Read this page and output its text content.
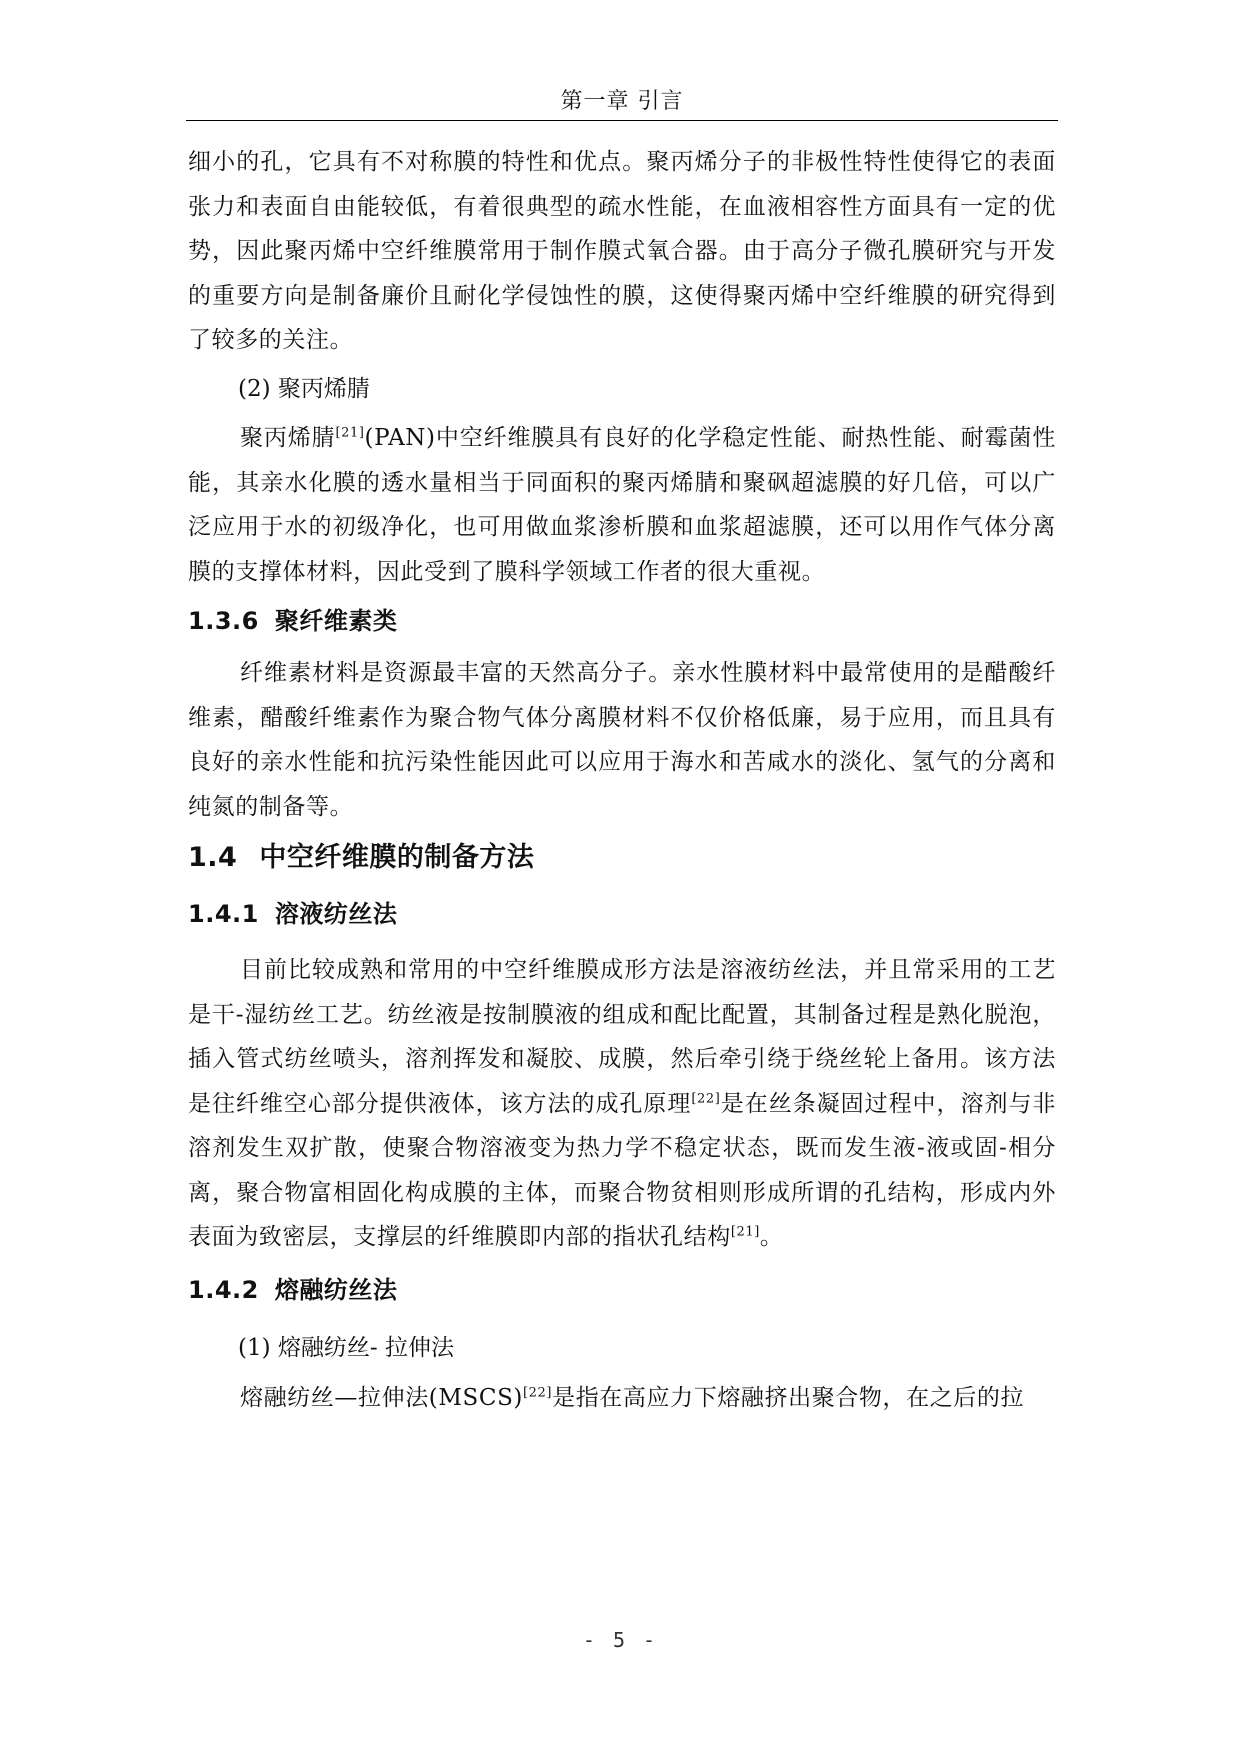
第一章 引言

细小的孔，它具有不对称膜的特性和优点。聚丙烯分子的非极性特性使得它的表面张力和表面自由能较低，有着很典型的疏水性能，在血液相容性方面具有一定的优势，因此聚丙烯中空纤维膜常用于制作膜式氧合器。由于高分子微孔膜研究与开发的重要方向是制备廉价且耐化学侵蚀性的膜，这使得聚丙烯中空纤维膜的研究得到了较多的关注。

(2) 聚丙烯腈

聚丙烯腈[21](PAN)中空纤维膜具有良好的化学稳定性能、耐热性能、耐霉菌性能，其亲水化膜的透水量相当于同面积的聚丙烯腈和聚砜超滤膜的好几倍，可以广泛应用于水的初级净化，也可用做血浆渗析膜和血浆超滤膜，还可以用作气体分离膜的支撑体材料，因此受到了膜科学领域工作者的很大重视。

1.3.6 聚纤维素类

纤维素材料是资源最丰富的天然高分子。亲水性膜材料中最常使用的是醋酸纤维素，醋酸纤维素作为聚合物气体分离膜材料不仅价格低廉，易于应用，而且具有良好的亲水性能和抗污染性能因此可以应用于海水和苦咸水的淡化、氢气的分离和纯氮的制备等。

1.4 中空纤维膜的制备方法
1.4.1 溶液纺丝法

目前比较成熟和常用的中空纤维膜成形方法是溶液纺丝法，并且常采用的工艺是干-湿纺丝工艺。纺丝液是按制膜液的组成和配比配置，其制备过程是熟化脱泡，插入管式纺丝喷头，溶剂挥发和凝胶、成膜，然后牵引绕于绕丝轮上备用。该方法是往纤维空心部分提供液体，该方法的成孔原理[22]是在丝条凝固过程中，溶剂与非溶剂发生双扩散，使聚合物溶液变为热力学不稳定状态，既而发生液-液或固-相分离，聚合物富相固化构成膜的主体，而聚合物贫相则形成所谓的孔结构，形成内外表面为致密层，支撑层的纤维膜即内部的指状孔结构[21]。

1.4.2 熔融纺丝法

(1) 熔融纺丝- 拉伸法

熔融纺丝—拉伸法(MSCS)[22]是指在高应力下熔融挤出聚合物，在之后的拉

- 5 -
